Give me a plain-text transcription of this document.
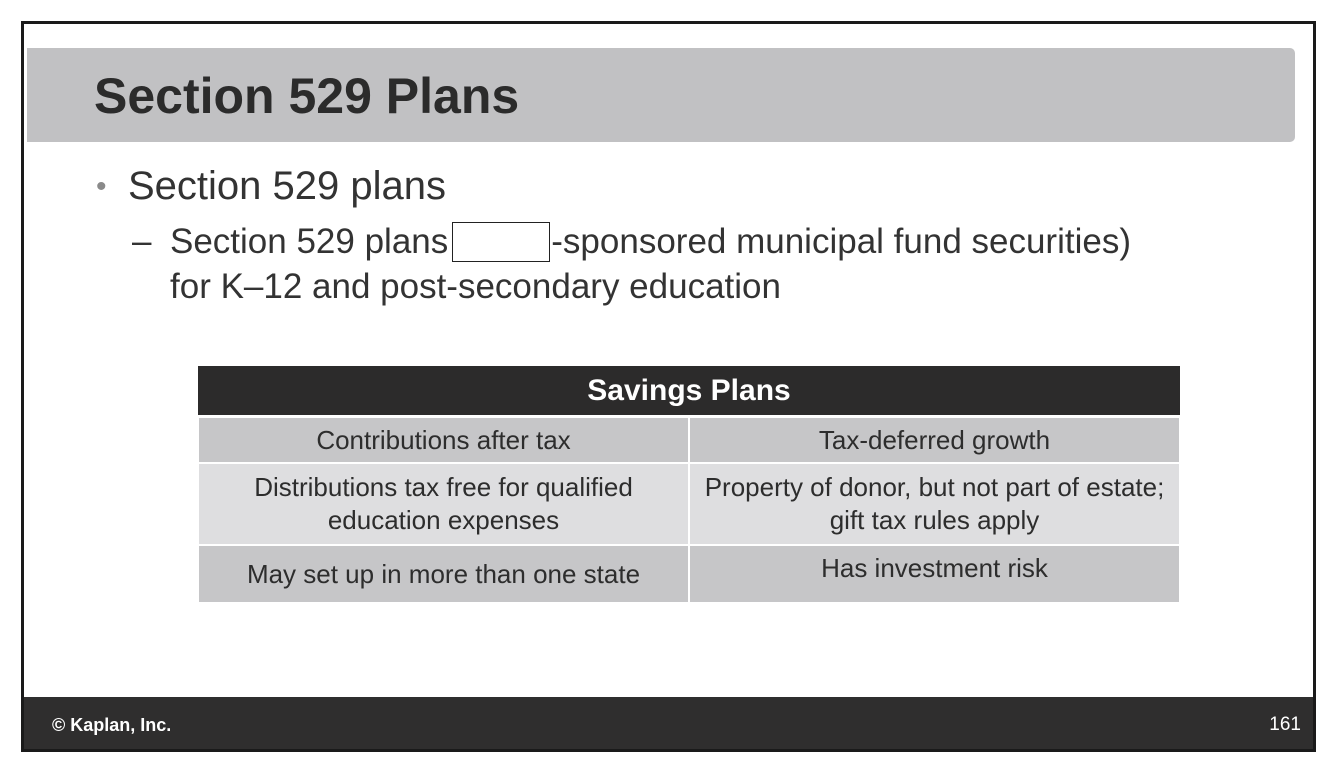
Section 529 Plans
• Section 529 plans
– Section 529 plans	-sponsored municipal fund securities)
for K–12 and post-secondary education
Savings Plans	
Contributions after tax	Tax-deferred growth
Distributions tax free for qualified education expenses	Property of donor, but not part of estate; gift tax rules apply
May set up in more than one state	Has investment risk
© Kaplan, Inc.	161
